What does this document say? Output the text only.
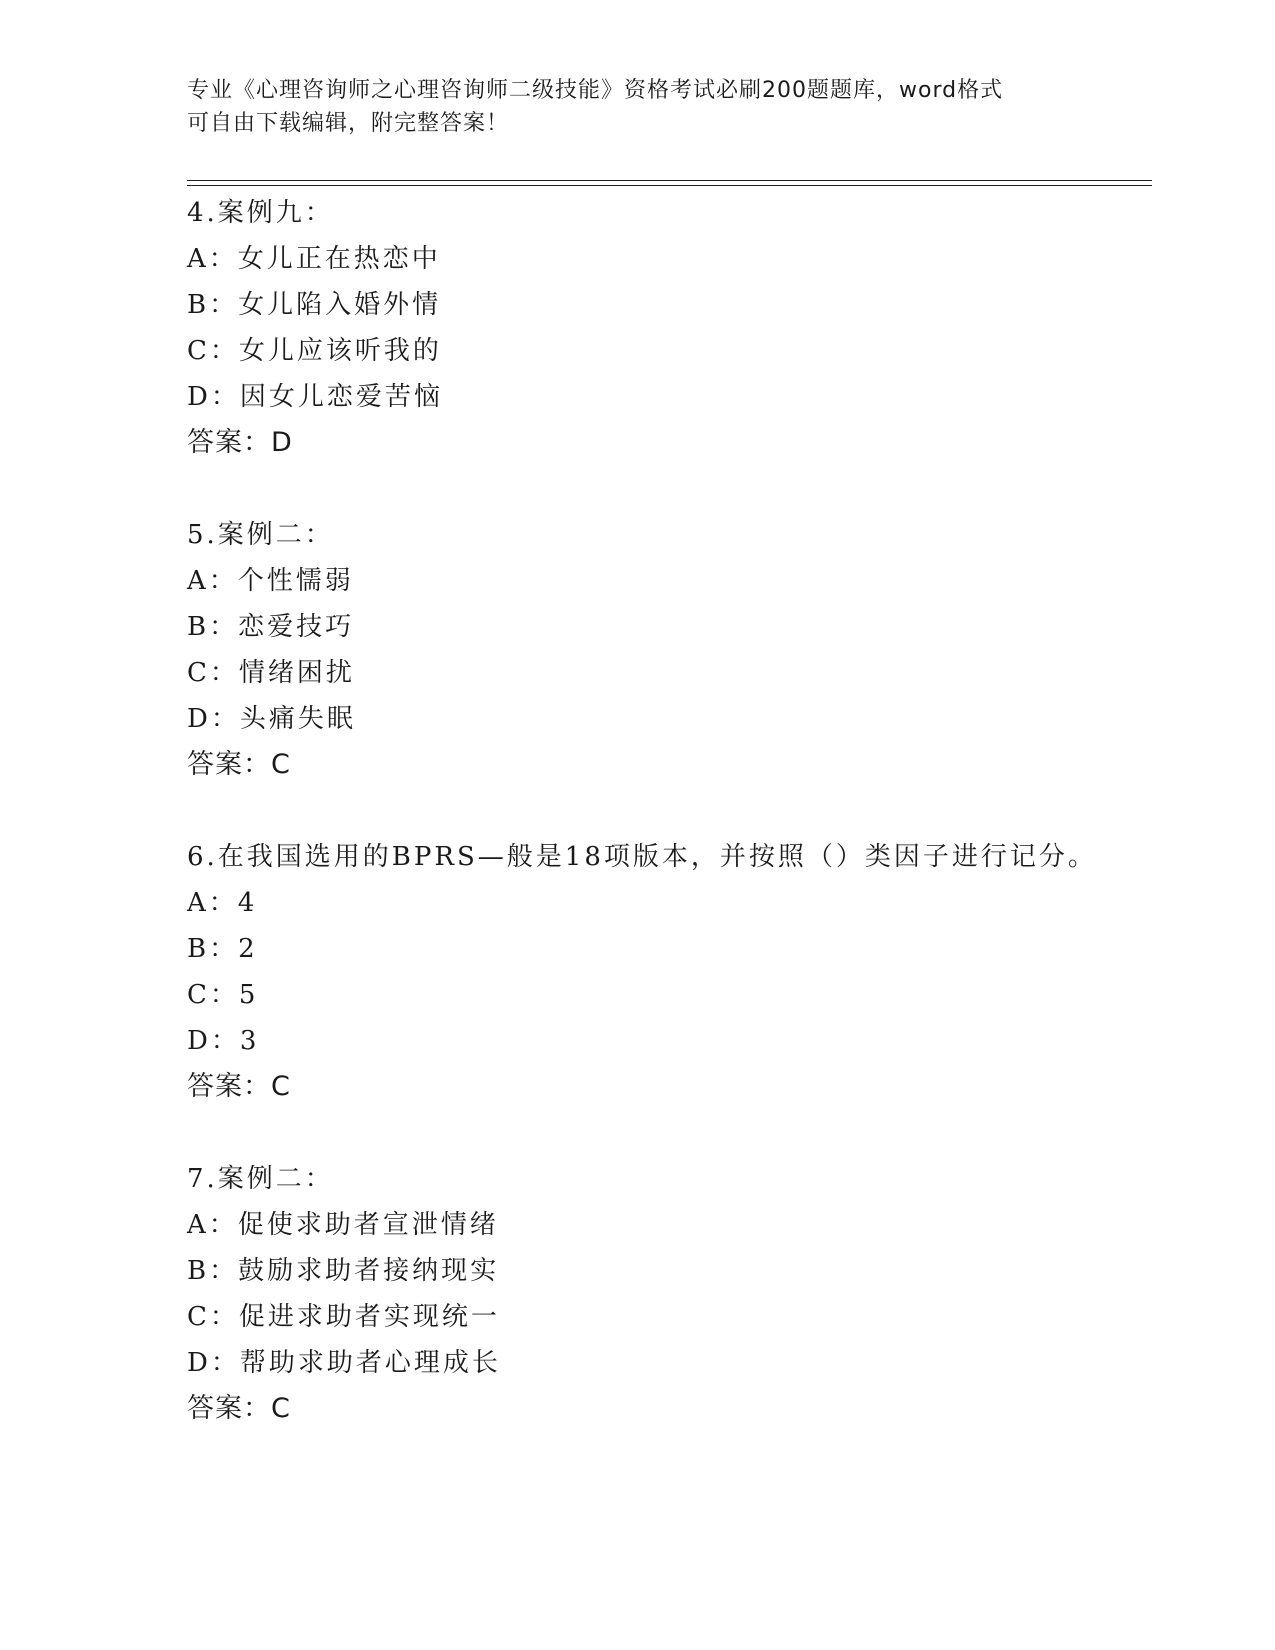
专业《心理咨询师之心理咨询师二级技能》资格考试必刷200题题库，word格式
可自由下载编辑，附完整答案！
4.案例九：
A：女儿正在热恋中
B：女儿陷入婚外情
C：女儿应该听我的
D：因女儿恋爱苦恼
答案：D
5.案例二：
A：个性懦弱
B：恋爱技巧
C：情绪困扰
D：头痛失眠
答案：C
6.在我国选用的BPRS—般是18项版本，并按照（）类因子进行记分。
A：4
B：2
C：5
D：3
答案：C
7.案例二：
A：促使求助者宣泄情绪
B：鼓励求助者接纳现实
C：促进求助者实现统一
D：帮助求助者心理成长
答案：C
